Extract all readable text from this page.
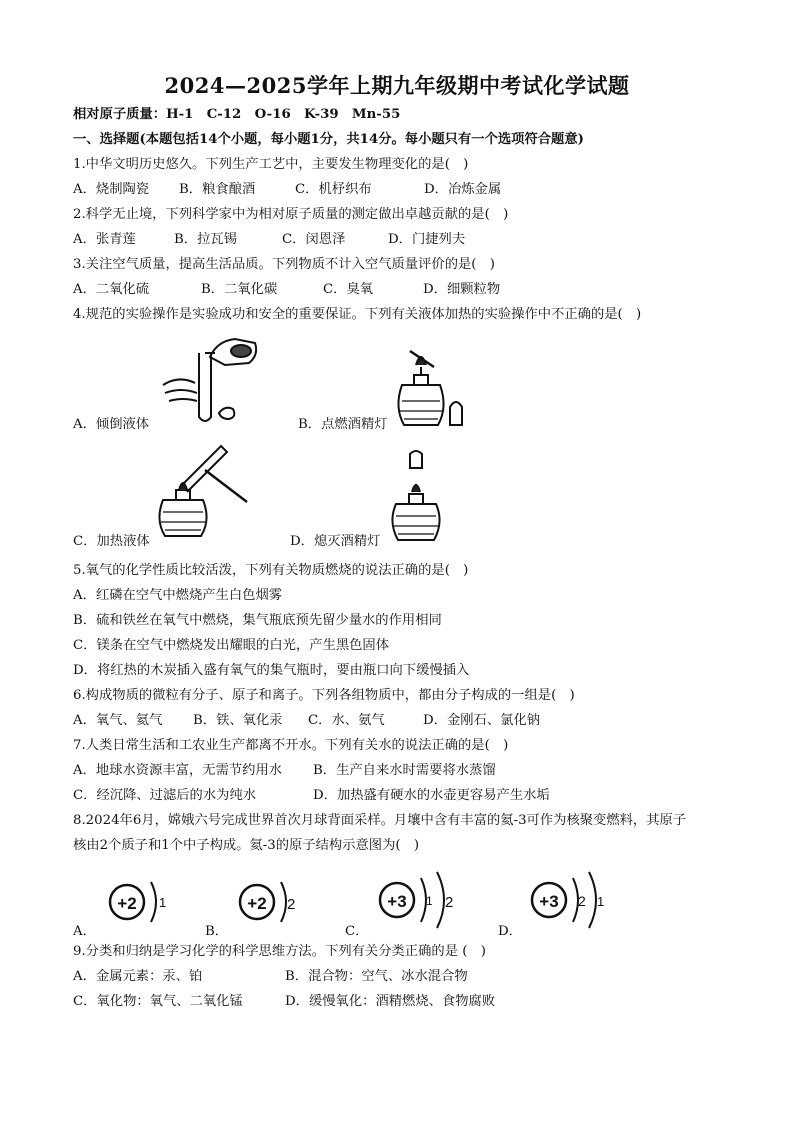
2024—2025学年上期九年级期中考试化学试题
相对原子质量：H-1　C-12　O-16　K-39　Mn-55
一、选择题(本题包括14个小题，每小题1分，共14分。每小题只有一个选项符合题意)
1.中华文明历史悠久。下列生产工艺中，主要发生物理变化的是(　)
A．烧制陶瓷 B．粮食酿酒	C．机杼织布	D．冶炼金属
2.科学无止境，下列科学家中为相对原子质量的测定做出卓越贡献的是(　)
A．张青莲	B．拉瓦锡	C．闵恩泽	D．门捷列夫
3.关注空气质量，提高生活品质。下列物质不计入空气质量评价的是(　)
A．二氧化硫	B．二氧化碳	C．臭氧	D．细颗粒物
4.规范的实验操作是实验成功和安全的重要保证。下列有关液体加热的实验操作中不正确的是(　)
A．倾倒液体	B．点燃酒精灯
C．加热液体	D．熄灭酒精灯
5.氧气的化学性质比较活泼，下列有关物质燃烧的说法正确的是(　)
A．红磷在空气中燃烧产生白色烟雾
B．硫和铁丝在氧气中燃烧，集气瓶底预先留少量水的作用相同
C．镁条在空气中燃烧发出耀眼的白光，产生黑色固体
D．将红热的木炭插入盛有氧气的集气瓶时，要由瓶口向下缓慢插入
6.构成物质的微粒有分子、原子和离子。下列各组物质中，都由分子构成的一组是(　)
A．氧气、氦气 B．铁、氧化汞 C．水、氨气	D．金刚石、氯化钠
7.人类日常生活和工农业生产都离不开水。下列有关水的说法正确的是(　)
A．地球水资源丰富，无需节约用水 B．生产自来水时需要将水蒸馏
C．经沉降、过滤后的水为纯水	D．加热盛有硬水的水壶更容易产生水垢
8.2024年6月，嫦娥六号完成世界首次月球背面采样。月壤中含有丰富的氦-3可作为核聚变燃料，其原子
核由2个质子和1个中子构成。氦-3的原子结构示意图为(　)
+2 1
A．
+2 2
B．
+3 1 2
C．
+3 2 1
D．
9.分类和归纳是学习化学的科学思维方法。下列有关分类正确的是 (　)
A．金属元素：汞、铂	B．混合物：空气、冰水混合物
C．氧化物：氧气、二氧化锰	D．缓慢氧化：酒精燃烧、食物腐败
